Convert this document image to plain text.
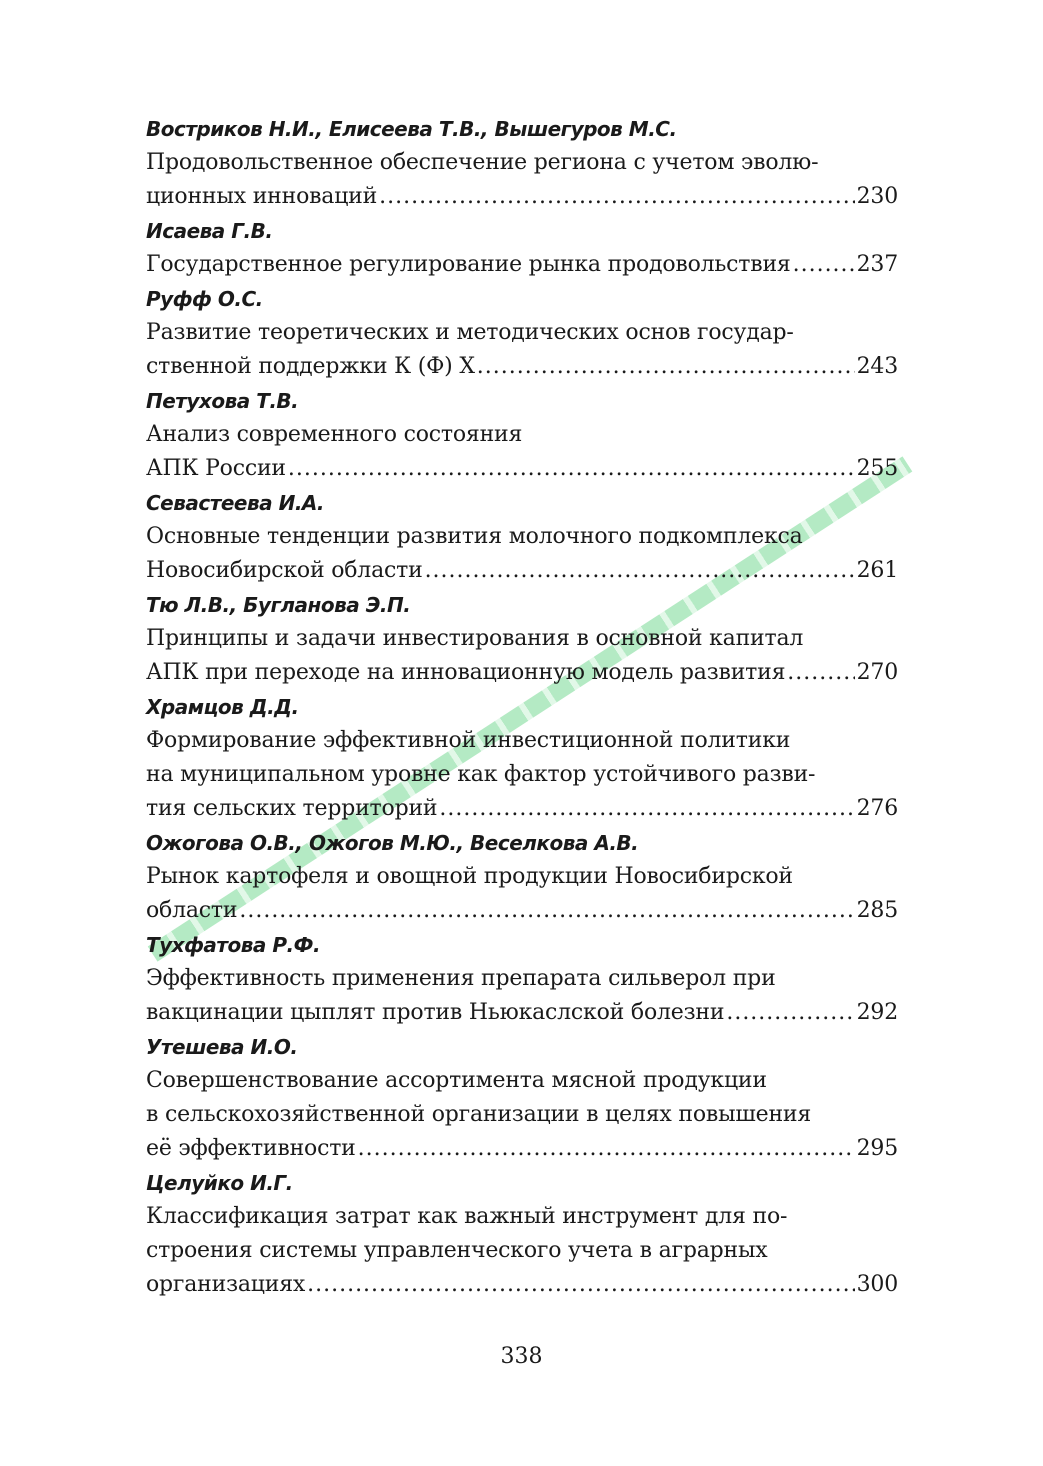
Востриков Н.И., Елисеева Т.В., Вышегуров М.С.
Продовольственное обеспечение региона с учетом эволю-
ционных инноваций .....	230
Исаева Г.В.
Государственное регулирование рынка продовольствия .....	237
Руфф О.С.
Развитие теоретических и методических основ государ-
ственной поддержки К (Ф) Х .....	243
Петухова Т.В.
Анализ современного состояния
АПК России .....	255
Севастеева И.А.
Основные тенденции развития молочного подкомплекса
Новосибирской области .....	261
Тю Л.В., Бугланова Э.П.
Принципы и задачи инвестирования в основной капитал
АПК при переходе на инновационную модель развития .....	270
Храмцов Д.Д.
Формирование эффективной инвестиционной политики
на муниципальном уровне как фактор устойчивого разви-
тия сельских территорий .....	276
Ожогова О.В., Ожогов М.Ю., Веселкова А.В.
Рынок картофеля и овощной продукции Новосибирской
области .....	285
Тухфатова Р.Ф.
Эффективность применения препарата сильверол при
вакцинации цыплят против Ньюкаслской болезни .....	292
Утешева И.О.
Совершенствование ассортимента мясной продукции
в сельскохозяйственной организации в целях повышения
её эффективности .....	295
Целуйко И.Г.
Классификация затрат как важный инструмент для по-
строения системы управленческого учета в аграрных
организациях .....	300
338
